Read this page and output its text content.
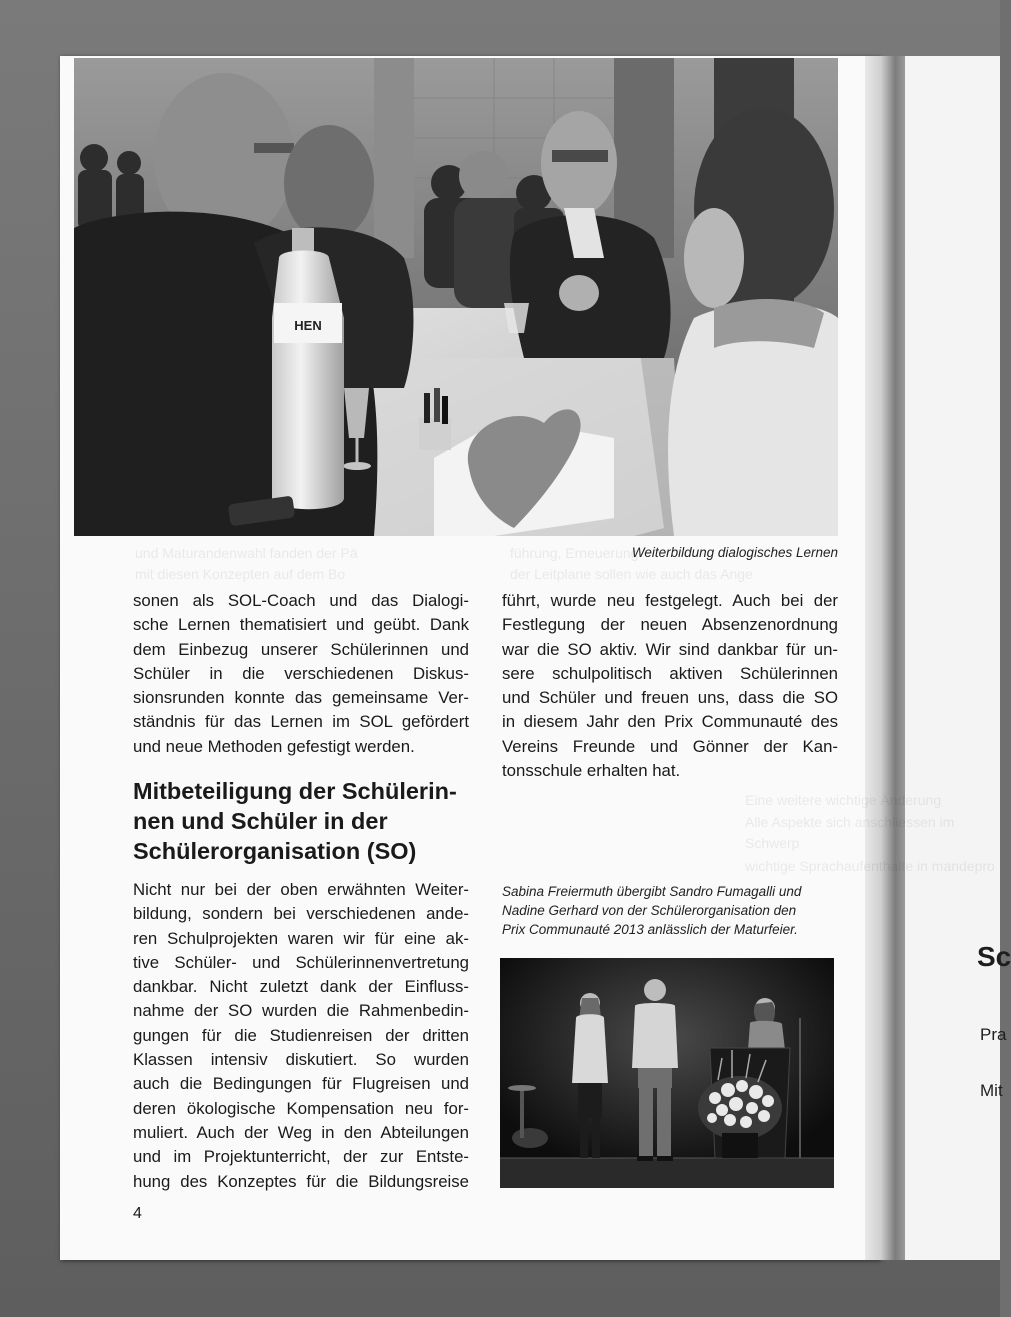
Sc
Pra
Mit
und Maturandenwahl fanden der Pä
mit diesen Konzepten auf dem Bo
führung, Erneuerung
der Leitplane sollen wie auch das Ange
Eine weitere wichtige Änderung
Alle Aspekte sich anschliessen im Schwerp
wichtige Sprachaufenthalte in mandepro
HEN
Weiterbildung dialogisches Lernen
sonen als SOL-Coach und das Dialogi-
sche Lernen thematisiert und geübt. Dank
dem Einbezug unserer Schülerinnen und
Schüler in die verschiedenen Diskus-
sionsrunden konnte das gemeinsame Ver-
ständnis für das Lernen im SOL gefördert
und neue Methoden gefestigt werden.
Mitbeteiligung der Schülerin-
nen und Schüler in der
Schülerorganisation (SO)
Nicht nur bei der oben erwähnten Weiter-
bildung, sondern bei verschiedenen ande-
ren Schulprojekten waren wir für eine ak-
tive Schüler- und Schülerinnenvertretung
dankbar. Nicht zuletzt dank der Einfluss-
nahme der SO wurden die Rahmenbedin-
gungen für die Studienreisen der dritten
Klassen intensiv diskutiert. So wurden
auch die Bedingungen für Flugreisen und
deren ökologische Kompensation neu for-
muliert. Auch der Weg in den Abteilungen
und im Projektunterricht, der zur Entste-
hung des Konzeptes für die Bildungsreise
führt, wurde neu festgelegt. Auch bei der
Festlegung der neuen Absenzenordnung
war die SO aktiv. Wir sind dankbar für un-
sere schulpolitisch aktiven Schülerinnen
und Schüler und freuen uns, dass die SO
in diesem Jahr den Prix Communauté des
Vereins Freunde und Gönner der Kan-
tonsschule erhalten hat.
Sabina Freiermuth übergibt Sandro Fumagalli und
Nadine Gerhard von der Schülerorganisation den
Prix Communauté 2013 anlässlich der Maturfeier.
4
